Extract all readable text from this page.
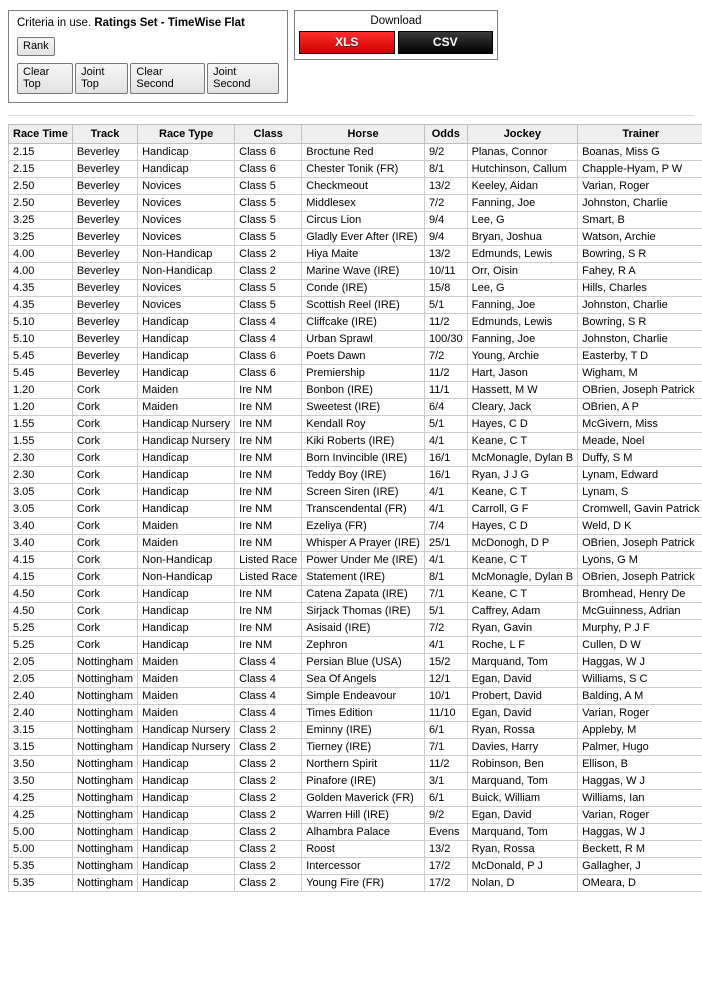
Criteria in use. Ratings Set - TimeWise Flat
Rank
Clear Top
Joint Top
Clear Second
Joint Second
Download
XLS	CSV
Race Time	Track	Race Type	Class	Horse	Odds	Jockey	Trainer
2.15	Beverley	Handicap	Class 6	Broctune Red	9/2	Planas, Connor	Boanas, Miss G
2.15	Beverley	Handicap	Class 6	Chester Tonik (FR)	8/1	Hutchinson, Callum	Chapple-Hyam, P W
2.50	Beverley	Novices	Class 5	Checkmeout	13/2	Keeley, Aidan	Varian, Roger
2.50	Beverley	Novices	Class 5	Middlesex	7/2	Fanning, Joe	Johnston, Charlie
3.25	Beverley	Novices	Class 5	Circus Lion	9/4	Lee, G	Smart, B
3.25	Beverley	Novices	Class 5	Gladly Ever After (IRE)	9/4	Bryan, Joshua	Watson, Archie
4.00	Beverley	Non-Handicap	Class 2	Hiya Maite	13/2	Edmunds, Lewis	Bowring, S R
4.00	Beverley	Non-Handicap	Class 2	Marine Wave (IRE)	10/11	Orr, Oisin	Fahey, R A
4.35	Beverley	Novices	Class 5	Conde (IRE)	15/8	Lee, G	Hills, Charles
4.35	Beverley	Novices	Class 5	Scottish Reel (IRE)	5/1	Fanning, Joe	Johnston, Charlie
5.10	Beverley	Handicap	Class 4	Cliffcake (IRE)	11/2	Edmunds, Lewis	Bowring, S R
5.10	Beverley	Handicap	Class 4	Urban Sprawl	100/30	Fanning, Joe	Johnston, Charlie
5.45	Beverley	Handicap	Class 6	Poets Dawn	7/2	Young, Archie	Easterby, T D
5.45	Beverley	Handicap	Class 6	Premiership	11/2	Hart, Jason	Wigham, M
1.20	Cork	Maiden	Ire NM	Bonbon (IRE)	11/1	Hassett, M W	OBrien, Joseph Patrick
1.20	Cork	Maiden	Ire NM	Sweetest (IRE)	6/4	Cleary, Jack	OBrien, A P
1.55	Cork	Handicap Nursery	Ire NM	Kendall Roy	5/1	Hayes, C D	McGivern, Miss
1.55	Cork	Handicap Nursery	Ire NM	Kiki Roberts (IRE)	4/1	Keane, C T	Meade, Noel
2.30	Cork	Handicap	Ire NM	Born Invincible (IRE)	16/1	McMonagle, Dylan B	Duffy, S M
2.30	Cork	Handicap	Ire NM	Teddy Boy (IRE)	16/1	Ryan, J J G	Lynam, Edward
3.05	Cork	Handicap	Ire NM	Screen Siren (IRE)	4/1	Keane, C T	Lynam, S
3.05	Cork	Handicap	Ire NM	Transcendental (FR)	4/1	Carroll, G F	Cromwell, Gavin Patrick
3.40	Cork	Maiden	Ire NM	Ezeliya (FR)	7/4	Hayes, C D	Weld, D K
3.40	Cork	Maiden	Ire NM	Whisper A Prayer (IRE)	25/1	McDonogh, D P	OBrien, Joseph Patrick
4.15	Cork	Non-Handicap	Listed Race	Power Under Me (IRE)	4/1	Keane, C T	Lyons, G M
4.15	Cork	Non-Handicap	Listed Race	Statement (IRE)	8/1	McMonagle, Dylan B	OBrien, Joseph Patrick
4.50	Cork	Handicap	Ire NM	Catena Zapata (IRE)	7/1	Keane, C T	Bromhead, Henry De
4.50	Cork	Handicap	Ire NM	Sirjack Thomas (IRE)	5/1	Caffrey, Adam	McGuinness, Adrian
5.25	Cork	Handicap	Ire NM	Asisaid (IRE)	7/2	Ryan, Gavin	Murphy, P J F
5.25	Cork	Handicap	Ire NM	Zephron	4/1	Roche, L F	Cullen, D W
2.05	Nottingham	Maiden	Class 4	Persian Blue (USA)	15/2	Marquand, Tom	Haggas, W J
2.05	Nottingham	Maiden	Class 4	Sea Of Angels	12/1	Egan, David	Williams, S C
2.40	Nottingham	Maiden	Class 4	Simple Endeavour	10/1	Probert, David	Balding, A M
2.40	Nottingham	Maiden	Class 4	Times Edition	11/10	Egan, David	Varian, Roger
3.15	Nottingham	Handicap Nursery	Class 2	Eminny (IRE)	6/1	Ryan, Rossa	Appleby, M
3.15	Nottingham	Handicap Nursery	Class 2	Tierney (IRE)	7/1	Davies, Harry	Palmer, Hugo
3.50	Nottingham	Handicap	Class 2	Northern Spirit	11/2	Robinson, Ben	Ellison, B
3.50	Nottingham	Handicap	Class 2	Pinafore (IRE)	3/1	Marquand, Tom	Haggas, W J
4.25	Nottingham	Handicap	Class 2	Golden Maverick (FR)	6/1	Buick, William	Williams, Ian
4.25	Nottingham	Handicap	Class 2	Warren Hill (IRE)	9/2	Egan, David	Varian, Roger
5.00	Nottingham	Handicap	Class 2	Alhambra Palace	Evens	Marquand, Tom	Haggas, W J
5.00	Nottingham	Handicap	Class 2	Roost	13/2	Ryan, Rossa	Beckett, R M
5.35	Nottingham	Handicap	Class 2	Intercessor	17/2	McDonald, P J	Gallagher, J
5.35	Nottingham	Handicap	Class 2	Young Fire (FR)	17/2	Nolan, D	OMeara, D
